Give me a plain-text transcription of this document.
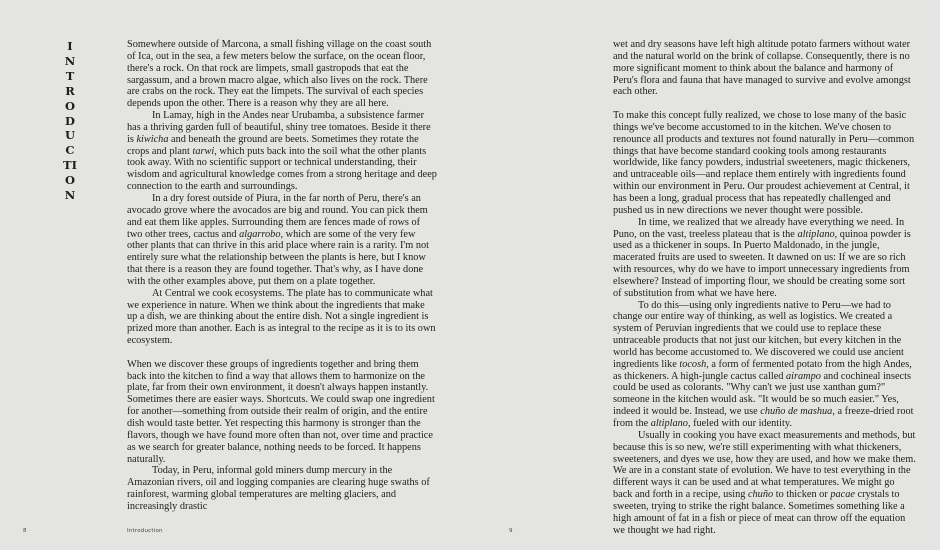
INTRODUCTION

Somewhere outside of Marcona, a small fishing village on the coast south of Ica, out in the sea, a few meters below the surface, on the ocean floor, there's a rock. On that rock are limpets, small gastropods that eat the sargassum, and a brown macro algae, which also lives on the rock. There are crabs on the rock. They eat the limpets. The survival of each species depends upon the other. There is a reason why they are all here.

In Lamay, high in the Andes near Urubamba, a subsistence farmer has a thriving garden full of beautiful, shiny tree tomatoes. Beside it there is kiwicha and beneath the ground are beets. Sometimes they rotate the crops and plant tarwi, which puts back into the soil what the other plants took away. With no scientific support or technical understanding, their wisdom and agricultural knowledge comes from a strong heritage and deep connection to the earth and surroundings.

In a dry forest outside of Piura, in the far north of Peru, there's an avocado grove where the avocados are big and round. You can pick them and eat them like apples. Surrounding them are fences made of rows of two other trees, cactus and algarrobo, which are some of the very few other plants that can thrive in this arid place where rain is a rarity. I'm not entirely sure what the relationship between the plants is here, but I know that there is a reason they are found together. That's why, as I have done with the other examples above, put them on a plate together.

At Central we cook ecosystems. The plate has to communicate what we experience in nature. When we think about the ingredients that make up a dish, we are thinking about the entire dish. Not a single ingredient is prized more than another. Each is as integral to the recipe as it is to its own ecosystem.

When we discover these groups of ingredients together and bring them back into the kitchen to find a way that allows them to harmonize on the plate, far from their own environment, it doesn't always happen instantly. Sometimes there are easier ways. Shortcuts. We could swap one ingredient for another—something from outside their realm of origin, and the entire dish would taste better. Yet respecting this harmony is stronger than the flavors, though we have found more often than not, over time and practice as we search for greater balance, nothing needs to be forced. It happens naturally.

Today, in Peru, informal gold miners dump mercury in the Amazonian rivers, oil and logging companies are clearing huge swaths of rainforest, warming global temperatures are melting glaciers, and increasingly drastic

wet and dry seasons have left high altitude potato farmers without water and the natural world on the brink of collapse. Consequently, there is no more significant moment to think about the balance and harmony of Peru's flora and fauna that have managed to survive and evolve amongst each other.

To make this concept fully realized, we chose to lose many of the basic things we've become accustomed to in the kitchen. We've chosen to renounce all products and textures not found naturally in Peru—common things that have become standard cooking tools among restaurants worldwide, like fancy powders, industrial sweeteners, magic thickeners, and untraceable oils—and replace them entirely with ingredients found within our environment in Peru. Our proudest achievement at Central, it has been a long, gradual process that has repeatedly challenged and pushed us in new directions we never thought were possible.

In time, we realized that we already have everything we need. In Puno, on the vast, treeless plateau that is the altiplano, quinoa powder is used as a thickener in soups. In Puerto Maldonado, in the jungle, macerated fruits are used to sweeten. It dawned on us: If we are so rich with resources, why do we have to import unnecessary ingredients from elsewhere? Instead of importing flour, we should be creating some sort of substitution from what we have here.

To do this—using only ingredients native to Peru—we had to change our entire way of thinking, as well as logistics. We created a system of Peruvian ingredients that we could use to replace these untraceable products that not just our kitchen, but every kitchen in the world has become accustomed to. We discovered we could use ancient ingredients like tocosh, a form of fermented potato from the high Andes, as thickeners. A high-jungle cactus called airampo and cochineal insects could be used as colorants. "Why can't we just use xanthan gum?" someone in the kitchen would ask. "It would be so much easier." Yes, indeed it would be. Instead, we use chuño de mashua, a freeze-dried root from the altiplano, fueled with our identity.

Usually in cooking you have exact measurements and methods, but because this is so new, we're still experimenting with what thickeners, sweeteners, and dyes we use, how they are used, and how we make them. We are in a constant state of evolution. We have to test everything in the different ways it can be used and at what temperatures. We might go back and forth in a recipe, using chuño to thicken or pacae crystals to sweeten, trying to strike the right balance. Sometimes something like a high amount of fat in a fish or piece of meat can throw off the equation we thought we had right.

8	Introduction	9
